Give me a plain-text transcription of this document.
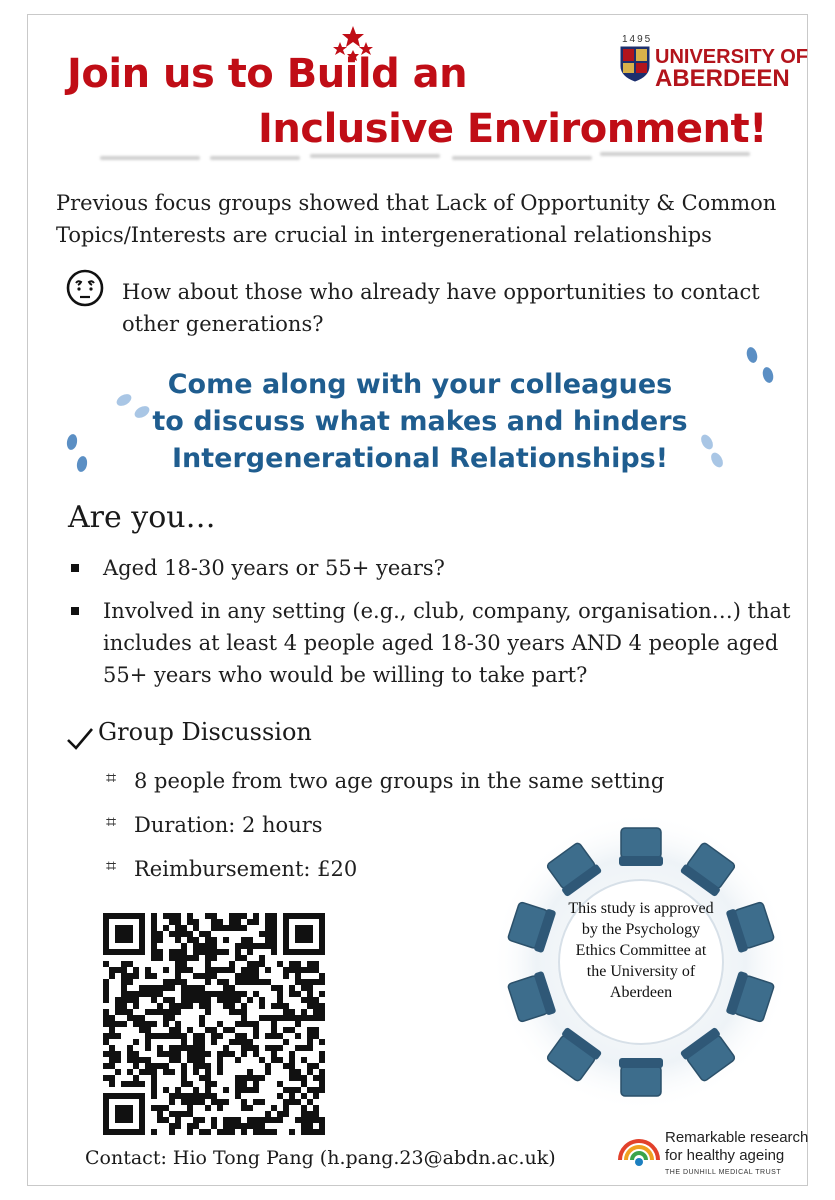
Join us to Build an
Inclusive Environment!
1495
UNIVERSITY OF
ABERDEEN
Previous focus groups showed that Lack of Opportunity & Common Topics/Interests are crucial in intergenerational relationships
How about those who already have opportunities to contact other generations?
Come along with your colleagues
to discuss what makes and hinders
Intergenerational Relationships!
Are you…
Aged 18-30 years or 55+ years?
Involved in any setting (e.g., club, company, organisation…) that includes at least 4 people aged 18-30 years AND 4 people aged 55+ years who would be willing to take part?
Group Discussion
⌗ 8 people from two age groups in the same setting
⌗ Duration: 2 hours
⌗ Reimbursement: £20
This study is approved by the Psychology Ethics Committee at the University of Aberdeen
Contact: Hio Tong Pang (h.pang.23@abdn.ac.uk)
Remarkable research
for healthy ageing
THE DUNHILL MEDICAL TRUST
